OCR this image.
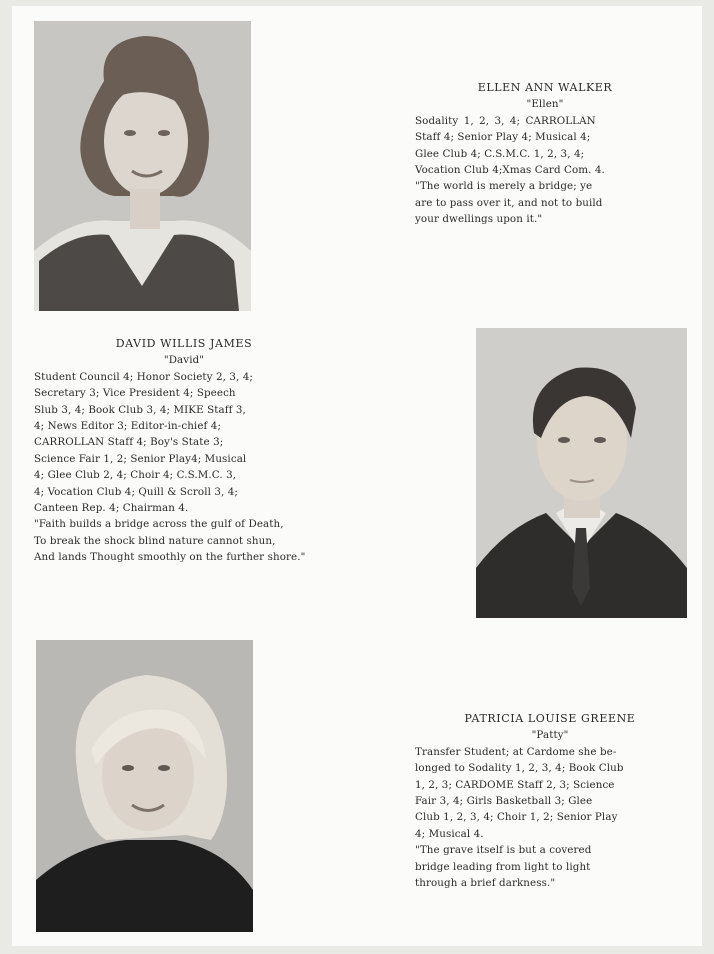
ELLEN ANN WALKER

"Ellen"

Sodality 1, 2, 3, 4; CARROLLAN

Staff 4; Senior Play 4; Musical 4;

Glee Club 4; C.S.M.C. 1, 2, 3, 4;

Vocation Club 4;Xmas Card Com. 4.

"The world is merely a bridge; ye

are to pass over it, and not to build

your dwellings upon it."

DAVID WILLIS JAMES

"David"

Student Council 4; Honor Society 2, 3, 4;

Secretary 3; Vice President 4; Speech

Slub 3, 4; Book Club 3, 4; MIKE Staff 3,

4; News Editor 3; Editor-in-chief 4;

CARROLLAN Staff 4; Boy's State 3;

Science Fair 1, 2; Senior Play4; Musical

4; Glee Club 2, 4; Choir 4; C.S.M.C. 3,

4; Vocation Club 4; Quill & Scroll 3, 4;

Canteen Rep. 4; Chairman 4.

"Faith builds a bridge across the gulf of Death,

To break the shock blind nature cannot shun,

And lands Thought smoothly on the further shore."

PATRICIA LOUISE GREENE

"Patty"

Transfer Student; at Cardome she be-

longed to Sodality 1, 2, 3, 4; Book Club

1, 2, 3; CARDOME Staff 2, 3; Science

Fair 3, 4; Girls Basketball 3; Glee

Club 1, 2, 3, 4; Choir 1, 2; Senior Play

4; Musical 4.

"The grave itself is but a covered

bridge leading from light to light

through a brief darkness."
